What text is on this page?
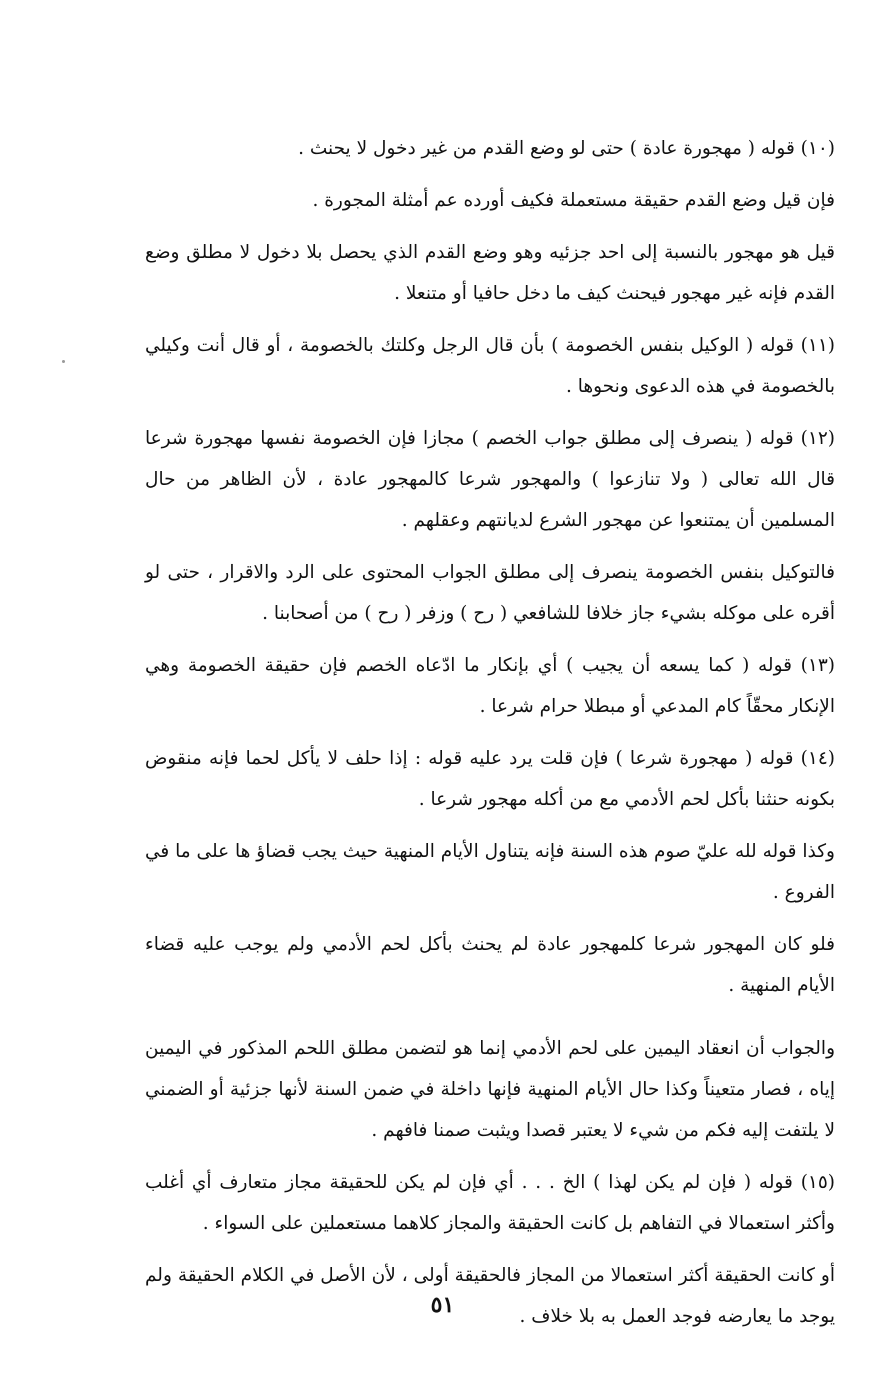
(١٠) قوله ( مهجورة عادة ) حتى لو وضع القدم من غير دخول لا يحنث .

فإن قيل وضع القدم حقيقة مستعملة فكيف أورده عم أمثلة المجورة .

قيل هو مهجور بالنسبة إلى احد جزئيه وهو وضع القدم الذي يحصل بلا دخول لا مطلق وضع القدم فإنه غير مهجور فيحنث كيف ما دخل حافيا أو متنعلا .

(١١) قوله ( الوكيل بنفس الخصومة ) بأن قال الرجل وكلتك بالخصومة ، أو قال أنت وكيلي بالخصومة في هذه الدعوى ونحوها .

(١٢) قوله ( ينصرف إلى مطلق جواب الخصم ) مجازا فإن الخصومة نفسها مهجورة شرعا قال الله تعالى ( ولا تنازعوا ) والمهجور شرعا كالمهجور عادة ، لأن الظاهر من حال المسلمين أن يمتنعوا عن مهجور الشرع لديانتهم وعقلهم .

فالتوكيل بنفس الخصومة ينصرف إلى مطلق الجواب المحتوى على الرد والاقرار ، حتى لو أقره على موكله بشيء جاز خلافا للشافعي ( رح ) وزفر ( رح ) من أصحابنا .

(١٣) قوله ( كما يسعه أن يجيب ) أي بإنكار ما ادّعاه الخصم فإن حقيقة الخصومة وهي الإنكار محقّاً كام المدعي أو مبطلا حرام شرعا .

(١٤) قوله ( مهجورة شرعا ) فإن قلت يرد عليه قوله : إذا حلف لا يأكل لحما فإنه منقوض بكونه حنثنا بأكل لحم الأدمي مع من أكله مهجور شرعا .

وكذا قوله لله عليّ صوم هذه السنة فإنه يتناول الأيام المنهية حيث يجب قضاؤ ها على ما في الفروع .

فلو كان المهجور شرعا كلمهجور عادة لم يحنث بأكل لحم الأدمي ولم يوجب عليه قضاء الأيام المنهية .

والجواب أن انعقاد اليمين على لحم الأدمي إنما هو لتضمن مطلق اللحم المذكور في اليمين إياه ، فصار متعيناً وكذا حال الأيام المنهية فإنها داخلة في ضمن السنة لأنها جزئية أو الضمني لا يلتفت إليه فكم من شيء لا يعتبر قصدا ويثبت صمنا فافهم .

(١٥) قوله ( فإن لم يكن لهذا ) الخ . . . أي فإن لم يكن للحقيقة مجاز متعارف أي أغلب وأكثر استعمالا في التفاهم بل كانت الحقيقة والمجاز كلاهما مستعملين على السواء .

أو كانت الحقيقة أكثر استعمالا من المجاز فالحقيقة أولى ، لأن الأصل في الكلام الحقيقة ولم يوجد ما يعارضه فوجد العمل به بلا خلاف .

٥١
